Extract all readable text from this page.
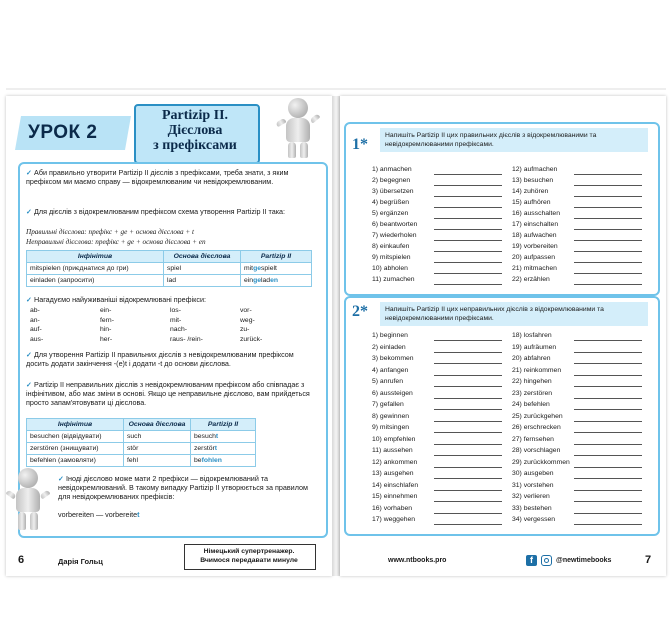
УРОК 2
Partizip II.
Дієслова
з префіксами
✓ Аби правильно утворити Partizip II дієслів з префіксами, треба знати, з яким префіксом ми маємо справу — відокремлюваним чи невідокремлюваним.
✓ Для дієслів з відокремлюваним префіксом схема утворення Partizip II така:
Правильні дієслова: префікс + ge + основа дієслова + t
Неправильні дієслова: префікс + ge + основа дієслова + en
Інфінітив	Основа дієслова	Partizip II
mitspielen (приєднатися до гри)	spiel	mitgespielt
einladen (запросити)	lad	eingeladen
✓ Нагадуємо найуживаніші відокремлювані префікси:
ab-	ein-	los-	vor-
an-	fern-	mit-	weg-
auf-	hin-	nach-	zu-
aus-	her-	raus- /rein-	zurück-
✓ Для утворення Partizip II правильних дієслів з невідокремлюваним префіксом досить додати закінчення -(e)t і додати -t до основи дієслова.
✓ Partizip II неправильних дієслів з невідокремлюваним префіксом або співпадає з інфінітивом, або має зміни в основі. Якщо це неправильне дієслово, вам прийдеться просто запам'ятовувати ці дієслова.
Інфінітив	Основа дієслова	Partizip II
besuchen (відвідувати)	such	besucht
zerstören (знищувати)	stör	zerstört
befehlen (замовляти)	fehl	befohlen
✓ Іноді дієслово може мати 2 префікси — відокремлюваний та невідокремлюваний. В такому випадку Partizip II утворюється за правилом для невідокремлюваних префіксів:
vorbereiten — vorbereitet
6	Дарія Гольц
Німецький супертренажер.
Вчимося передавати минуле
1*
Напишіть Partizip II цих правильних дієслів з відокремлюваними та невідокремлюваними префіксами.
1) anmachen
2) begegnen
3) übersetzen
4) begrüßen
5) ergänzen
6) beantworten
7) wiederholen
8) einkaufen
9) mitspielen
10) abholen
11) zumachen
12) aufmachen
13) besuchen
14) zuhören
15) aufhören
16) ausschalten
17) einschalten
18) aufwachen
19) vorbereiten
20) aufpassen
21) mitmachen
22) erzählen
2*	Напишіть Partizip II цих неправильних дієслів з відокремлюваними та невідокремлюваними префіксами.
1) beginnen
2) einladen
3) bekommen
4) anfangen
5) anrufen
6) aussteigen
7) gefallen
8) gewinnen
9) mitsingen
10) empfehlen
11) aussehen
12) ankommen
13) ausgehen
14) einschlafen
15) einnehmen
16) vorhaben
17) weggehen
18) losfahren
19) aufräumen
20) abfahren
21) reinkommen
22) hingehen
23) zerstören
24) befehlen
25) zurückgehen
26) erschrecken
27) fernsehen
28) vorschlagen
29) zurückkommen
30) ausgeben
31) vorstehen
32) verlieren
33) bestehen
34) vergessen
www.ntbooks.pro	f	@newtimebooks	7
